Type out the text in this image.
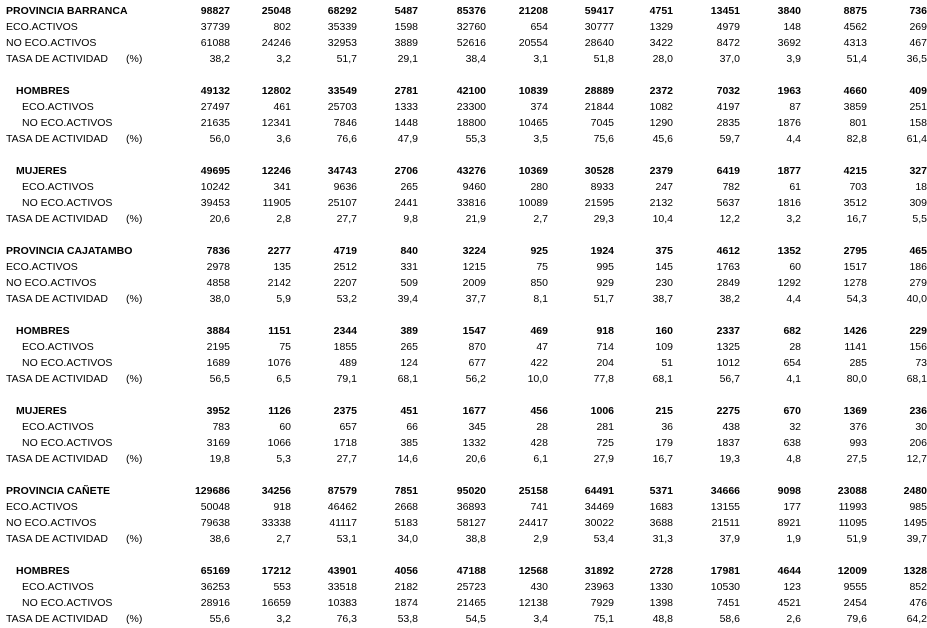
PROVINCIA BARRANCA	98827	25048	68292	5487	85376	21208	59417	4751	13451	3840	8875	736
ECO.ACTIVOS	37739	802	35339	1598	32760	654	30777	1329	4979	148	4562	269
NO ECO.ACTIVOS	61088	24246	32953	3889	52616	20554	28640	3422	8472	3692	4313	467
TASA DE ACTIVIDAD (%)	38,2	3,2	51,7	29,1	38,4	3,1	51,8	28,0	37,0	3,9	51,4	36,5
HOMBRES	49132	12802	33549	2781	42100	10839	28889	2372	7032	1963	4660	409
ECO.ACTIVOS	27497	461	25703	1333	23300	374	21844	1082	4197	87	3859	251
NO ECO.ACTIVOS	21635	12341	7846	1448	18800	10465	7045	1290	2835	1876	801	158
TASA DE ACTIVIDAD (%)	56,0	3,6	76,6	47,9	55,3	3,5	75,6	45,6	59,7	4,4	82,8	61,4
MUJERES	49695	12246	34743	2706	43276	10369	30528	2379	6419	1877	4215	327
ECO.ACTIVOS	10242	341	9636	265	9460	280	8933	247	782	61	703	18
NO ECO.ACTIVOS	39453	11905	25107	2441	33816	10089	21595	2132	5637	1816	3512	309
TASA DE ACTIVIDAD (%)	20,6	2,8	27,7	9,8	21,9	2,7	29,3	10,4	12,2	3,2	16,7	5,5
PROVINCIA CAJATAMBO	7836	2277	4719	840	3224	925	1924	375	4612	1352	2795	465
ECO.ACTIVOS	2978	135	2512	331	1215	75	995	145	1763	60	1517	186
NO ECO.ACTIVOS	4858	2142	2207	509	2009	850	929	230	2849	1292	1278	279
TASA DE ACTIVIDAD (%)	38,0	5,9	53,2	39,4	37,7	8,1	51,7	38,7	38,2	4,4	54,3	40,0
HOMBRES	3884	1151	2344	389	1547	469	918	160	2337	682	1426	229
ECO.ACTIVOS	2195	75	1855	265	870	47	714	109	1325	28	1141	156
NO ECO.ACTIVOS	1689	1076	489	124	677	422	204	51	1012	654	285	73
TASA DE ACTIVIDAD (%)	56,5	6,5	79,1	68,1	56,2	10,0	77,8	68,1	56,7	4,1	80,0	68,1
MUJERES	3952	1126	2375	451	1677	456	1006	215	2275	670	1369	236
ECO.ACTIVOS	783	60	657	66	345	28	281	36	438	32	376	30
NO ECO.ACTIVOS	3169	1066	1718	385	1332	428	725	179	1837	638	993	206
TASA DE ACTIVIDAD (%)	19,8	5,3	27,7	14,6	20,6	6,1	27,9	16,7	19,3	4,8	27,5	12,7
PROVINCIA CAÑETE	129686	34256	87579	7851	95020	25158	64491	5371	34666	9098	23088	2480
ECO.ACTIVOS	50048	918	46462	2668	36893	741	34469	1683	13155	177	11993	985
NO ECO.ACTIVOS	79638	33338	41117	5183	58127	24417	30022	3688	21511	8921	11095	1495
TASA DE ACTIVIDAD (%)	38,6	2,7	53,1	34,0	38,8	2,9	53,4	31,3	37,9	1,9	51,9	39,7
HOMBRES	65169	17212	43901	4056	47188	12568	31892	2728	17981	4644	12009	1328
ECO.ACTIVOS	36253	553	33518	2182	25723	430	23963	1330	10530	123	9555	852
NO ECO.ACTIVOS	28916	16659	10383	1874	21465	12138	7929	1398	7451	4521	2454	476
TASA DE ACTIVIDAD (%)	55,6	3,2	76,3	53,8	54,5	3,4	75,1	48,8	58,6	2,6	79,6	64,2
